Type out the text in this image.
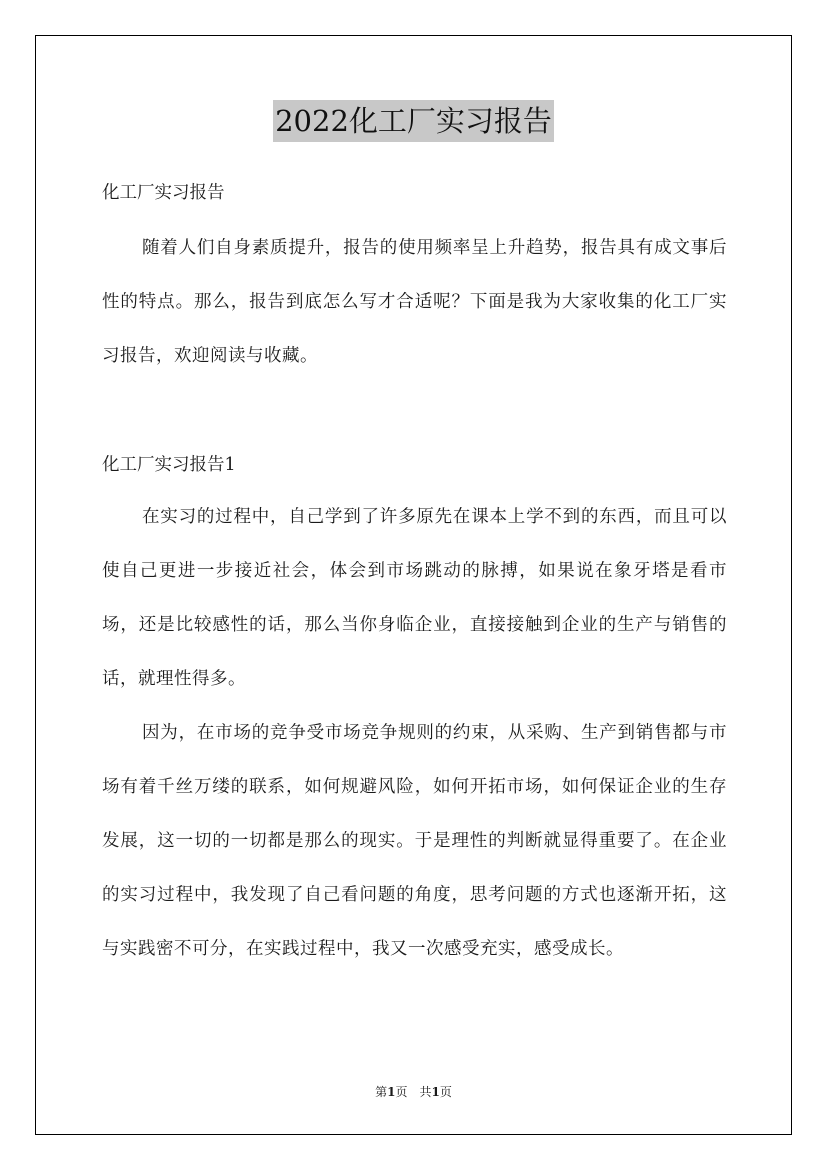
2022化工厂实习报告
化工厂实习报告
随着人们自身素质提升，报告的使用频率呈上升趋势，报告具有成文事后性的特点。那么，报告到底怎么写才合适呢？下面是我为大家收集的化工厂实习报告，欢迎阅读与收藏。
化工厂实习报告1
在实习的过程中，自己学到了许多原先在课本上学不到的东西，而且可以使自己更进一步接近社会，体会到市场跳动的脉搏，如果说在象牙塔是看市场，还是比较感性的话，那么当你身临企业，直接接触到企业的生产与销售的话，就理性得多。
因为，在市场的竞争受市场竞争规则的约束，从采购、生产到销售都与市场有着千丝万缕的联系，如何规避风险，如何开拓市场，如何保证企业的生存发展，这一切的一切都是那么的现实。于是理性的判断就显得重要了。在企业的实习过程中，我发现了自己看问题的角度，思考问题的方式也逐渐开拓，这与实践密不可分，在实践过程中，我又一次感受充实，感受成长。
第1页　共1页
